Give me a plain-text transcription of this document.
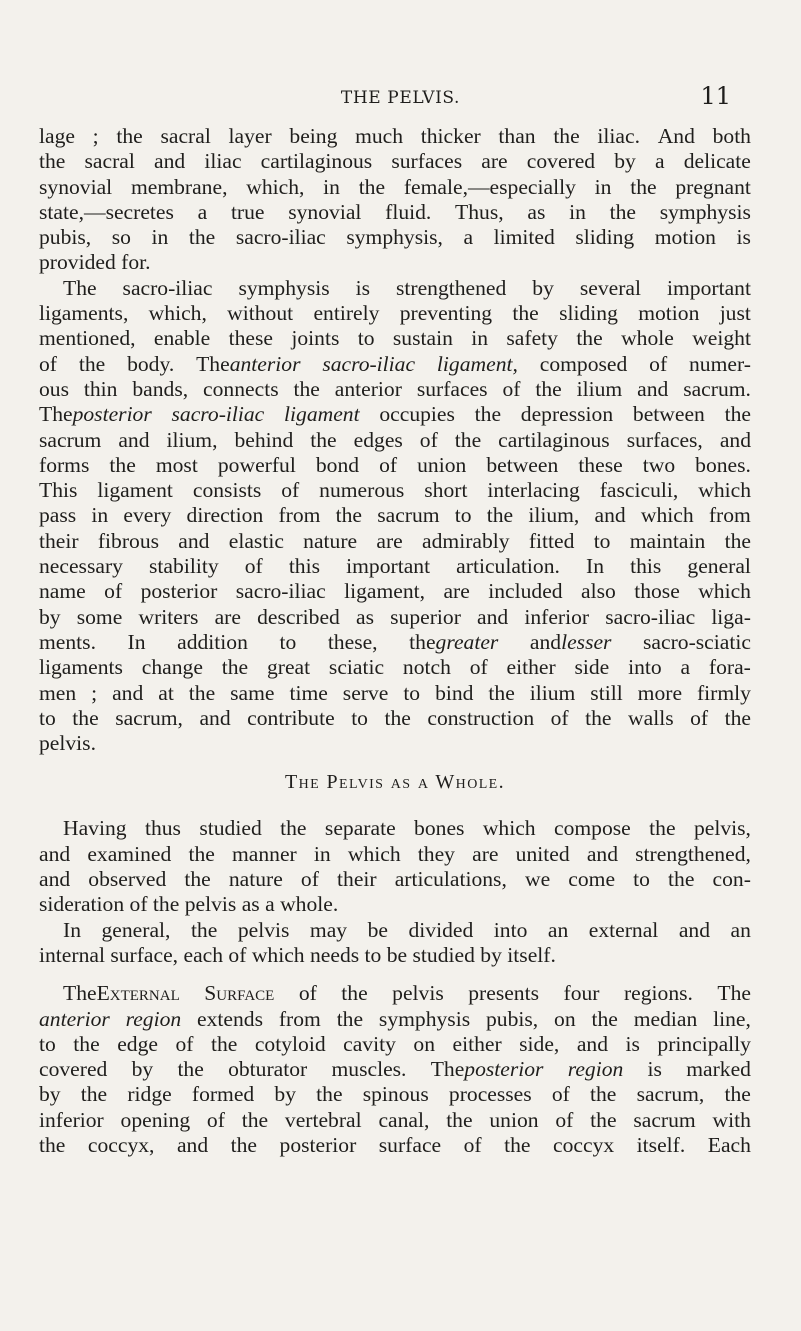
THE PELVIS.	11
lage ; the sacral layer being much thicker than the iliac. And both
the sacral and iliac cartilaginous surfaces are covered by a delicate
synovial membrane, which, in the female,—especially in the pregnant
state,—secretes a true synovial fluid. Thus, as in the symphysis
pubis, so in the sacro-iliac symphysis, a limited sliding motion is
provided for.
The sacro-iliac symphysis is strengthened by several important
ligaments, which, without entirely preventing the sliding motion just
mentioned, enable these joints to sustain in safety the whole weight
of the body. Theanterior sacro-iliac ligament, composed of numer-
ous thin bands, connects the anterior surfaces of the ilium and sacrum.
Theposterior sacro-iliac ligament occupies the depression between the
sacrum and ilium, behind the edges of the cartilaginous surfaces, and
forms the most powerful bond of union between these two bones.
This ligament consists of numerous short interlacing fasciculi, which
pass in every direction from the sacrum to the ilium, and which from
their fibrous and elastic nature are admirably fitted to maintain the
necessary stability of this important articulation. In this general
name of posterior sacro-iliac ligament, are included also those which
by some writers are described as superior and inferior sacro-iliac liga-
ments. In addition to these, thegreater andlesser sacro-sciatic
ligaments change the great sciatic notch of either side into a fora-
men ; and at the same time serve to bind the ilium still more firmly
to the sacrum, and contribute to the construction of the walls of the
pelvis.
The Pelvis as a Whole.
Having thus studied the separate bones which compose the pelvis,
and examined the manner in which they are united and strengthened,
and observed the nature of their articulations, we come to the con-
sideration of the pelvis as a whole.
In general, the pelvis may be divided into an external and an
internal surface, each of which needs to be studied by itself.
TheExternal Surface of the pelvis presents four regions. The
anterior region extends from the symphysis pubis, on the median line,
to the edge of the cotyloid cavity on either side, and is principally
covered by the obturator muscles. Theposterior region is marked
by the ridge formed by the spinous processes of the sacrum, the
inferior opening of the vertebral canal, the union of the sacrum with
the coccyx, and the posterior surface of the coccyx itself. Each
